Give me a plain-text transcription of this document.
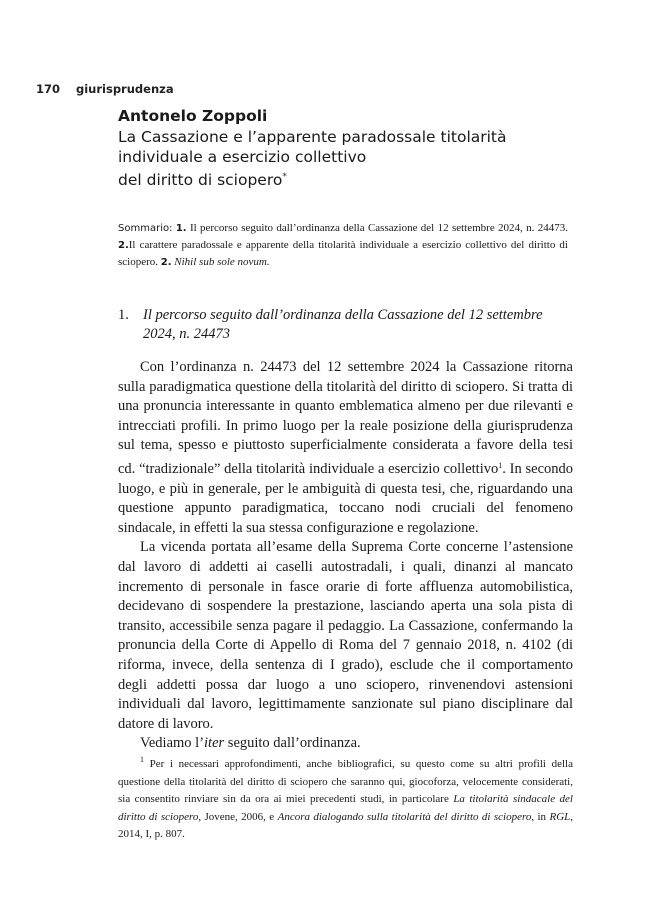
170 giurisprudenza
Antonelo Zoppoli
La Cassazione e l’apparente paradossale titolarità
individuale a esercizio collettivo
del diritto di sciopero*
Sommario: 1. Il percorso seguito dall’ordinanza della Cassazione del 12 settembre 2024, n. 24473. 2.Il carattere paradossale e apparente della titolarità individuale a esercizio collettivo del diritto di sciopero. 2. Nihil sub sole novum.
1. Il percorso seguito dall’ordinanza della Cassazione del 12 settembre 2024, n. 24473

Con l’ordinanza n. 24473 del 12 settembre 2024 la Cassazione ritorna sulla paradigmatica questione della titolarità del diritto di sciopero. Si tratta di una pronuncia interessante in quanto emblematica almeno per due rilevanti e intrecciati profili. In primo luogo per la reale posizione della giurisprudenza sul tema, spesso e piuttosto superficialmente considerata a favore della tesi cd. “tradizionale” della titolarità individuale a esercizio collettivo$^1$. In secondo luogo, e più in generale, per le ambiguità di questa tesi, che, riguardando una questione appunto paradigmatica, toccano nodi cruciali del fenomeno sindacale, in effetti la sua stessa configurazione e regolazione.

La vicenda portata all’esame della Suprema Corte concerne l’astensione dal lavoro di addetti ai caselli autostradali, i quali, dinanzi al mancato incremento di personale in fasce orarie di forte affluenza automobilistica, decidevano di sospendere la prestazione, lasciando aperta una sola pista di transito, accessibile senza pagare il pedaggio. La Cassazione, confermando la pronuncia della Corte di Appello di Roma del 7 gennaio 2018, n. 4102 (di riforma, invece, della sentenza di I grado), esclude che il comportamento degli addetti possa dar luogo a uno sciopero, rinvenendovi astensioni individuali dal lavoro, legittimamente sanzionate sul piano disciplinare dal datore di lavoro.

Vediamo l’iter seguito dall’ordinanza.

$^1$ Per i necessari approfondimenti, anche bibliografici, su questo come su altri profili della questione della titolarità del diritto di sciopero che saranno qui, giocoforza, velocemente considerati, sia consentito rinviare sin da ora ai miei precedenti studi, in particolare La titolarità sindacale del diritto di sciopero, Jovene, 2006, e Ancora dialogando sulla titolarità del diritto di sciopero, in RGL, 2014, I, p. 807.
